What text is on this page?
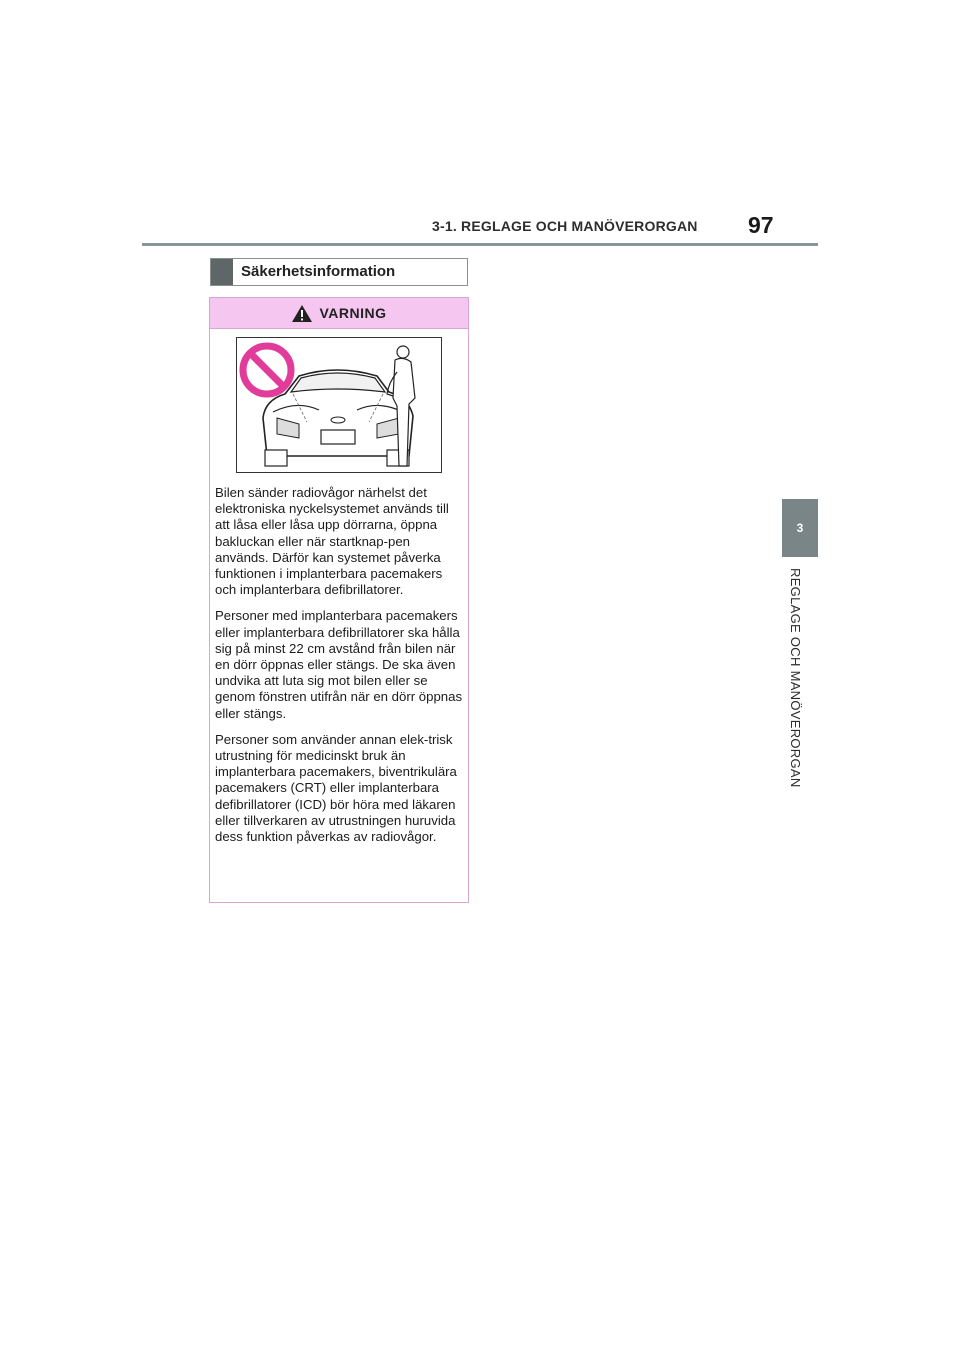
3-1. REGLAGE OCH MANÖVERORGAN 97
3
REGLAGE OCH MANÖVERORGAN
Säkerhetsinformation
VARNING

Bilen sänder radiovågor närhelst det elektroniska nyckelsystemet används till att låsa eller låsa upp dörrarna, öppna bakluckan eller när startknap-pen används. Därför kan systemet påverka funktionen i implanterbara pacemakers och implanterbara defibrillatorer.

Personer med implanterbara pacemakers eller implanterbara defibrillatorer ska hålla sig på minst 22 cm avstånd från bilen när en dörr öppnas eller stängs. De ska även undvika att luta sig mot bilen eller se genom fönstren utifrån när en dörr öppnas eller stängs.

Personer som använder annan elek-trisk utrustning för medicinskt bruk än implanterbara pacemakers, biventrikulära pacemakers (CRT) eller implanterbara defibrillatorer (ICD) bör höra med läkaren eller tillverkaren av utrustningen huruvida dess funktion påverkas av radiovågor.
